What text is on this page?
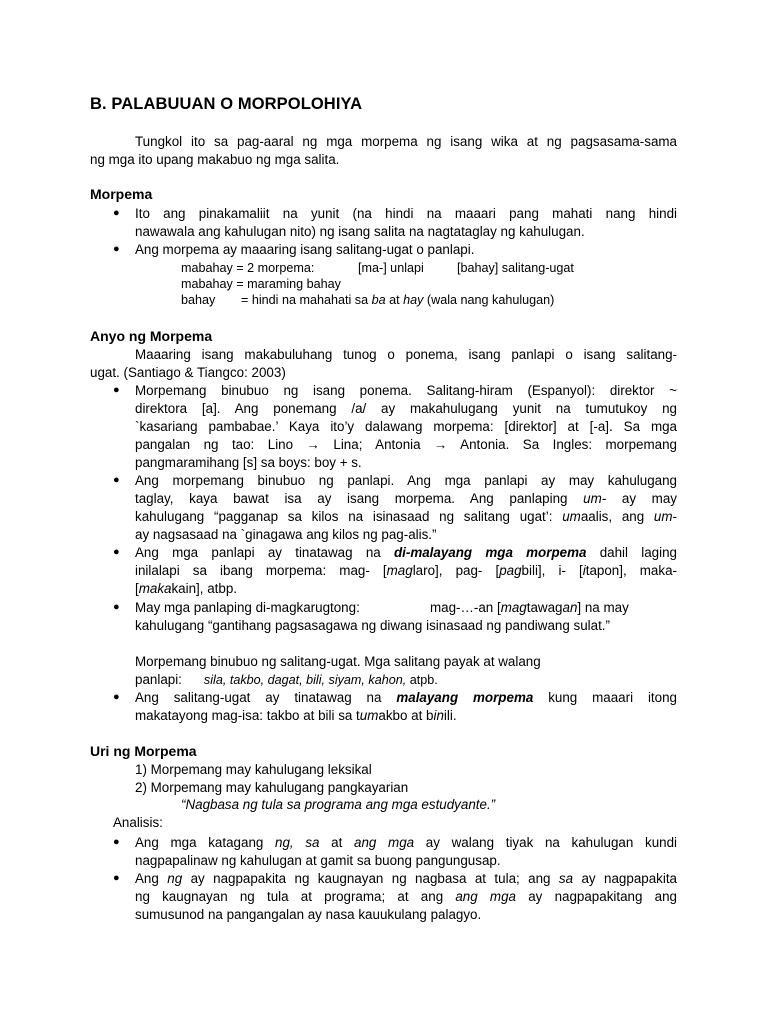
B. PALABUUAN O MORPOLOHIYA
Tungkol ito sa pag-aaral ng mga morpema ng isang wika at ng pagsasama-sama
ng mga ito upang makabuo ng mga salita.
Morpema
● Ito ang pinakamaliit na yunit (na hindi na maaari pang mahati nang hindi
nawawala ang kahulugan nito) ng isang salita na nagtataglay ng kahulugan.
● Ang morpema ay maaaring isang salitang-ugat o panlapi.
mabahay = 2 morpema:	[ma-] unlapi	[bahay] salitang-ugat
mabahay = maraming bahay
bahay = hindi na mahahati sa ba at hay (wala nang kahulugan)
Anyo ng Morpema
Maaaring isang makabuluhang tunog o ponema, isang panlapi o isang salitang-
ugat. (Santiago & Tiangco: 2003)
● Morpemang binubuo ng isang ponema. Salitang-hiram (Espanyol): direktor ~
direktora [a]. Ang ponemang /a/ ay makahulugang yunit na tumutukoy ng
`kasariang pambabae.’ Kaya ito’y dalawang morpema: [direktor] at [-a]. Sa mga
pangalan ng tao: Lino → Lina; Antonia → Antonia. Sa Ingles: morpemang
pangmaramihang [s] sa boys: boy + s.
● Ang morpemang binubuo ng panlapi. Ang mga panlapi ay may kahulugang
taglay, kaya bawat isa ay isang morpema. Ang panlaping um- ay may
kahulugang “pagganap sa kilos na isinasaad ng salitang ugat’: umaalis, ang um-
ay nagsasaad na `ginagawa ang kilos ng pag-alis.”
● Ang mga panlapi ay tinatawag na di-malayang mga morpema dahil laging
inilalapi sa ibang morpema: mag- [maglaro], pag- [pagbili], i- [itapon], maka-
[makakain], atbp.
● May mga panlaping di-magkarugtong:	mag-…-an [magtawagan] na may
kahulugang “gantihang pagsasagawa ng diwang isinasaad ng pandiwang sulat.”
Morpemang binubuo ng salitang-ugat. Mga salitang payak at walang
panlapi: sila, takbo, dagat, bili, siyam, kahon, atpb.
● Ang salitang-ugat ay tinatawag na malayang morpema kung maaari itong
makatayong mag-isa: takbo at bili sa tumakbo at binili.
Uri ng Morpema
1) Morpemang may kahulugang leksikal
2) Morpemang may kahulugang pangkayarian
“Nagbasa ng tula sa programa ang mga estudyante.”
Analisis:
● Ang mga katagang ng, sa at ang mga ay walang tiyak na kahulugan kundi
nagpapalinaw ng kahulugan at gamit sa buong pangungusap.
● Ang ng ay nagpapakita ng kaugnayan ng nagbasa at tula; ang sa ay nagpapakita
ng kaugnayan ng tula at programa; at ang ang mga ay nagpapakitang ang
sumusunod na pangangalan ay nasa kauukulang palagyo.
